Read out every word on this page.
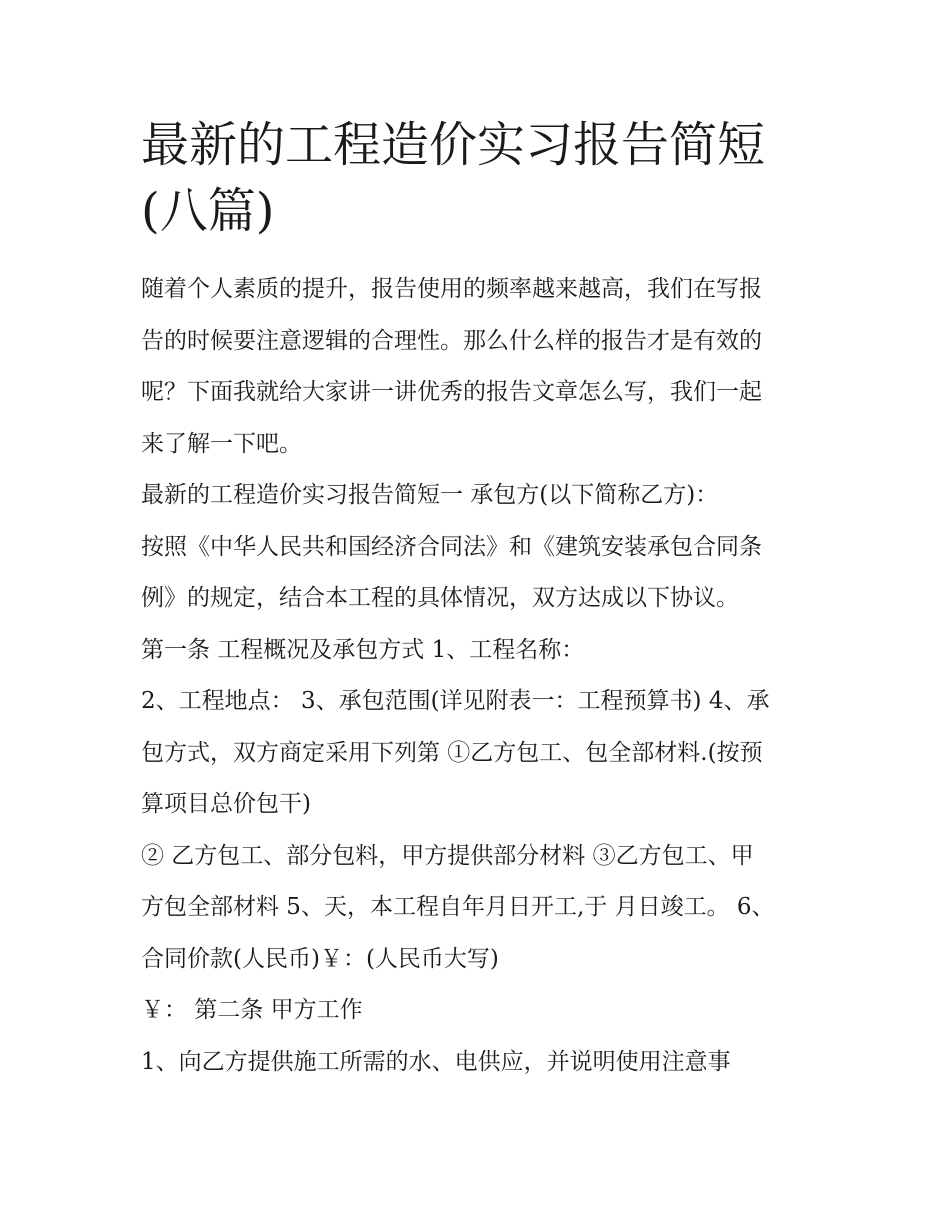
最新的工程造价实习报告简短
(八篇)

随着个人素质的提升，报告使用的频率越来越高，我们在写报
告的时候要注意逻辑的合理性。那么什么样的报告才是有效的
呢？下面我就给大家讲一讲优秀的报告文章怎么写，我们一起
来了解一下吧。

最新的工程造价实习报告简短一 承包方(以下简称乙方)：

按照《中华人民共和国经济合同法》和《建筑安装承包合同条
例》的规定，结合本工程的具体情况，双方达成以下协议。

第一条 工程概况及承包方式 1、工程名称：

2、工程地点： 3、承包范围(详见附表一：工程预算书) 4、承
包方式，双方商定采用下列第 ①乙方包工、包全部材料.(按预
算项目总价包干)

② 乙方包工、部分包料，甲方提供部分材料 ③乙方包工、甲
方包全部材料 5、天，本工程自年月日开工,于 月日竣工。 6、
合同价款(人民币)￥：(人民币大写)

￥： 第二条 甲方工作

1、向乙方提供施工所需的水、电供应，并说明使用注意事
